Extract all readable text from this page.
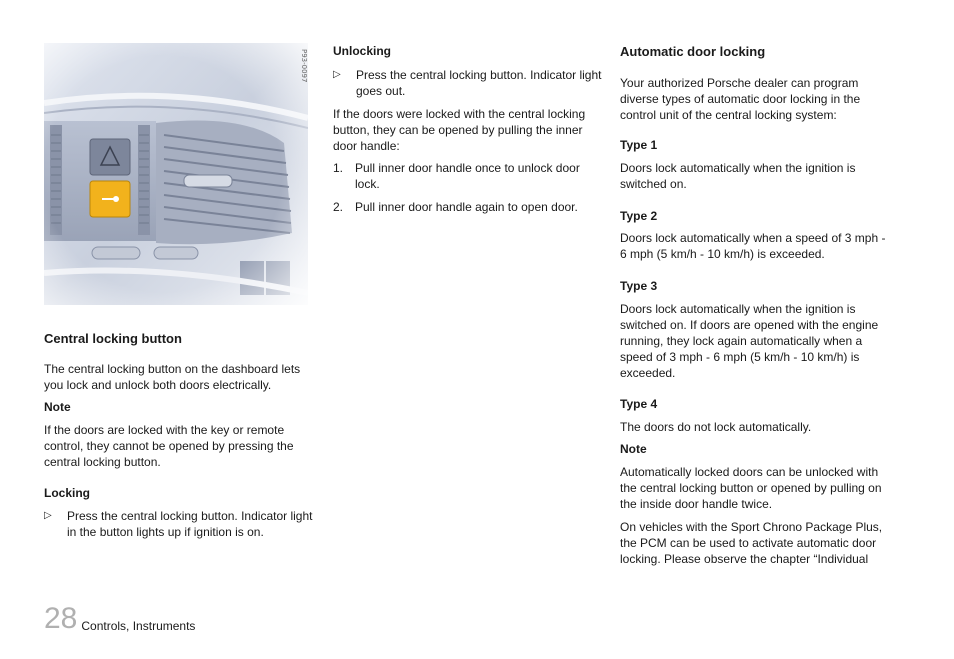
P93-0097
Central locking button

The central locking button on the dashboard lets

you lock and unlock both doors electrically.

Note

If the doors are locked with the key or remote

control, they cannot be opened by pressing the

central locking button.

Locking
▷	Press the central locking button. Indicator light
in the button lights up if ignition is on.
Unlocking
▷	Press the central locking button. Indicator light
goes out.

If the doors were locked with the central locking

button, they can be opened by pulling the inner

door handle:

1. Pull inner door handle once to unlock door
lock.
2. Pull inner door handle again to open door.
Automatic door locking

Your authorized Porsche dealer can program

diverse types of automatic door locking in the

control unit of the central locking system:

Type 1

Doors lock automatically when the ignition is

switched on.

Type 2

Doors lock automatically when a speed of 3 mph -

6 mph (5 km/h - 10 km/h) is exceeded.

Type 3

Doors lock automatically when the ignition is

switched on. If doors are opened with the engine

running, they lock again automatically when a

speed of 3 mph - 6 mph (5 km/h - 10 km/h) is

exceeded.

Type 4

The doors do not lock automatically.

Note

Automatically locked doors can be unlocked with

the central locking button or opened by pulling on

the inside door handle twice.

On vehicles with the Sport Chrono Package Plus,

the PCM can be used to activate automatic door

locking. Please observe the chapter “Individual

28 Controls, Instruments
